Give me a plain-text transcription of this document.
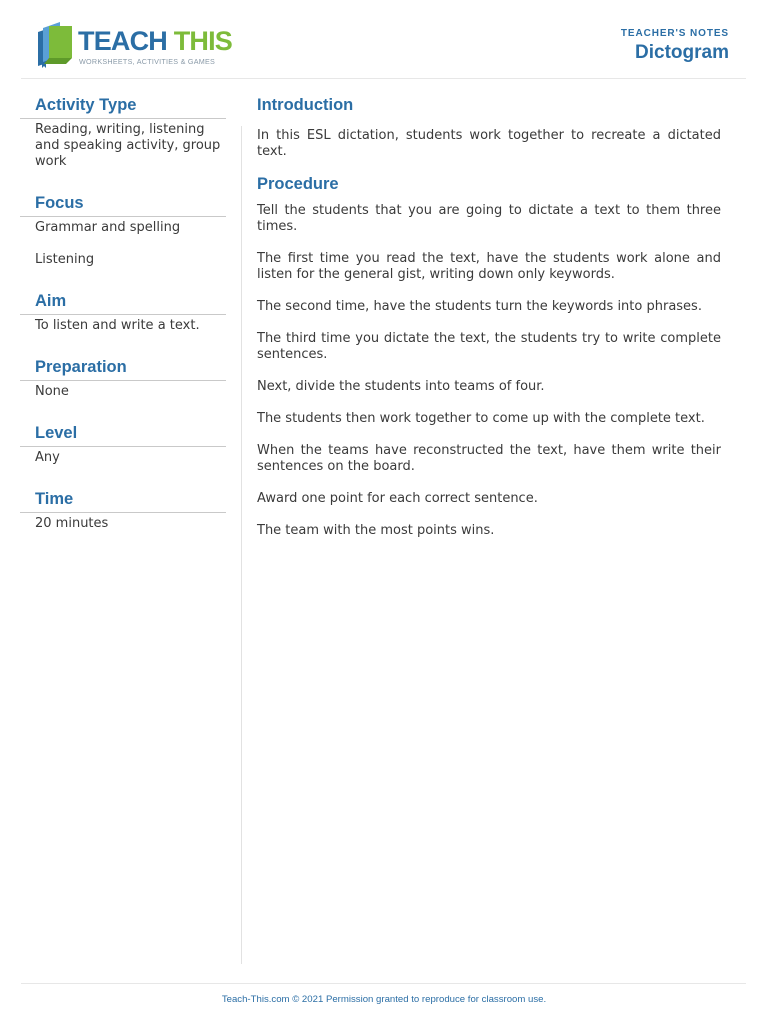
TEACH THIS

WORKSHEETS, ACTIVITIES & GAMES

TEACHER'S NOTES

Dictogram

Activity Type

Reading, writing, listening and speaking activity, group work

Focus

Grammar and spelling

Listening

Aim

To listen and write a text.

Preparation

None

Level

Any

Time

20 minutes

Introduction

In this ESL dictation, students work together to recreate a dictated text.

Procedure
Tell the students that you are going to dictate a text to them three times.
The first time you read the text, have the students work alone and listen for the general gist, writing down only keywords.
The second time, have the students turn the keywords into phrases.
The third time you dictate the text, the students try to write complete sentences.
Next, divide the students into teams of four.
The students then work together to come up with the complete text.
When the teams have reconstructed the text, have them write their sentences on the board.
Award one point for each correct sentence.
The team with the most points wins.

Teach-This.com © 2021 Permission granted to reproduce for classroom use.
